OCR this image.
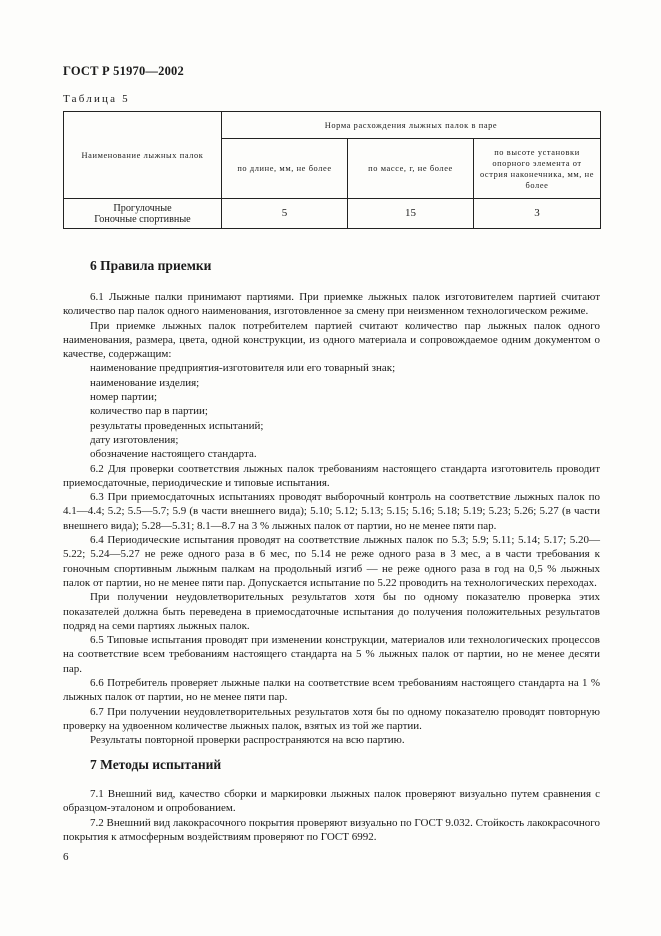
ГОСТ Р 51970—2002
Таблица 5
Наименование лыжных палок	Норма расхождения лыжных палок в паре		
	по длине, мм, не более	по массе, г, не более	по высоте установки опорного элемента от острия наконечника, мм, не более

Прогулочные
Гоночные спортивные	5	15	3
6 Правила приемки

6.1 Лыжные палки принимают партиями. При приемке лыжных палок изготовителем партией считают количество пар палок одного наименования, изготовленное за смену при неизменном технологическом режиме.

При приемке лыжных палок потребителем партией считают количество пар лыжных палок одного наименования, размера, цвета, одной конструкции, из одного материала и сопровождаемое одним документом о качестве, содержащим:

наименование предприятия-изготовителя или его товарный знак;

наименование изделия;

номер партии;

количество пар в партии;

результаты проведенных испытаний;

дату изготовления;

обозначение настоящего стандарта.

6.2 Для проверки соответствия лыжных палок требованиям настоящего стандарта изготовитель проводит приемосдаточные, периодические и типовые испытания.

6.3 При приемосдаточных испытаниях проводят выборочный контроль на соответствие лыжных палок по 4.1—4.4; 5.2; 5.5—5.7; 5.9 (в части внешнего вида); 5.10; 5.12; 5.13; 5.15; 5.16; 5.18; 5.19; 5.23; 5.26; 5.27 (в части внешнего вида); 5.28—5.31; 8.1—8.7 на 3 % лыжных палок от партии, но не менее пяти пар.

6.4 Периодические испытания проводят на соответствие лыжных палок по 5.3; 5.9; 5.11; 5.14; 5.17; 5.20—5.22; 5.24—5.27 не реже одного раза в 6 мес, по 5.14 не реже одного раза в 3 мес, а в части требования к гоночным спортивным лыжным палкам на продольный изгиб — не реже одного раза в год на 0,5 % лыжных палок от партии, но не менее пяти пар. Допускается испытание по 5.22 проводить на технологических переходах.

При получении неудовлетворительных результатов хотя бы по одному показателю проверка этих показателей должна быть переведена в приемосдаточные испытания до получения положительных результатов подряд на семи партиях лыжных палок.

6.5 Типовые испытания проводят при изменении конструкции, материалов или технологических процессов на соответствие всем требованиям настоящего стандарта на 5 % лыжных палок от партии, но не менее десяти пар.

6.6 Потребитель проверяет лыжные палки на соответствие всем требованиям настоящего стандарта на 1 % лыжных палок от партии, но не менее пяти пар.

6.7 При получении неудовлетворительных результатов хотя бы по одному показателю проводят повторную проверку на удвоенном количестве лыжных палок, взятых из той же партии.

Результаты повторной проверки распространяются на всю партию.

7 Методы испытаний

7.1 Внешний вид, качество сборки и маркировки лыжных палок проверяют визуально путем сравнения с образцом-эталоном и опробованием.

7.2 Внешний вид лакокрасочного покрытия проверяют визуально по ГОСТ 9.032. Стойкость лакокрасочного покрытия к атмосферным воздействиям проверяют по ГОСТ 6992.

6
